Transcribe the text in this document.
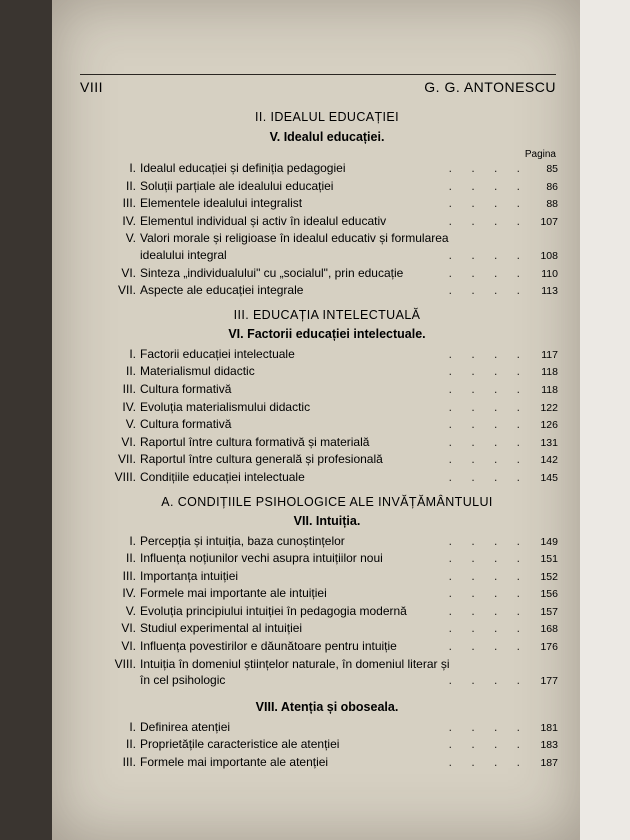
VIII	G. G. ANTONESCU
II. IDEALUL EDUCAȚIEI
V. Idealul educației.
Pagina
I. Idealul educației și definiția pedagogiei	. . . .	85
II. Soluții parțiale ale idealului educației	. . . .	86
III. Elementele idealului integralist	. . . .	88
IV. Elementul individual și activ în idealul educativ	. . . .	107
V. Valori morale și religioase în idealul educativ și formularea
idealului integral	. . . .	108
VI. Sinteza „individualului" cu „socialul", prin educație	. . . .	110
VII. Aspecte ale educației integrale	. . . .	113
III. EDUCAȚIA INTELECTUALĂ
VI. Factorii educației intelectuale.
I. Factorii educației intelectuale	. . . .	117
II. Materialismul didactic	. . . .	118
III. Cultura formativă	. . . .	118
IV. Evoluția materialismului didactic	. . . .	122
V. Cultura formativă	. . . .	126
VI. Raportul între cultura formativă și materială	. . . .	131
VII. Raportul între cultura generală și profesională	. . . .	142
VIII. Condițiile educației intelectuale	. . . .	145
A. CONDIȚIILE PSIHOLOGICE ALE INVĂȚĂMÂNTULUI
VII. Intuiția.
I. Percepția și intuiția, baza cunoștințelor	. . . .	149
II. Influența noțiunilor vechi asupra intuițiilor noui	. . . .	151
III. Importanța intuiției	. . . .	152
IV. Formele mai importante ale intuiției	. . . .	156
V. Evoluția principiului intuiției în pedagogia modernă	. . . .	157
VI. Studiul experimental al intuiției	. . . .	168
VI. Influența povestirilor e dăunătoare pentru intuiție	. . . .	176
VIII. Intuiția în domeniul științelor naturale, în domeniul literar și
în cel psihologic	. . . .	177
VIII. Atenția și oboseala.
I. Definirea atenției	. . . .	181
II. Proprietățile caracteristice ale atenției	. . . .	183
III. Formele mai importante ale atenției	. . . .	187
